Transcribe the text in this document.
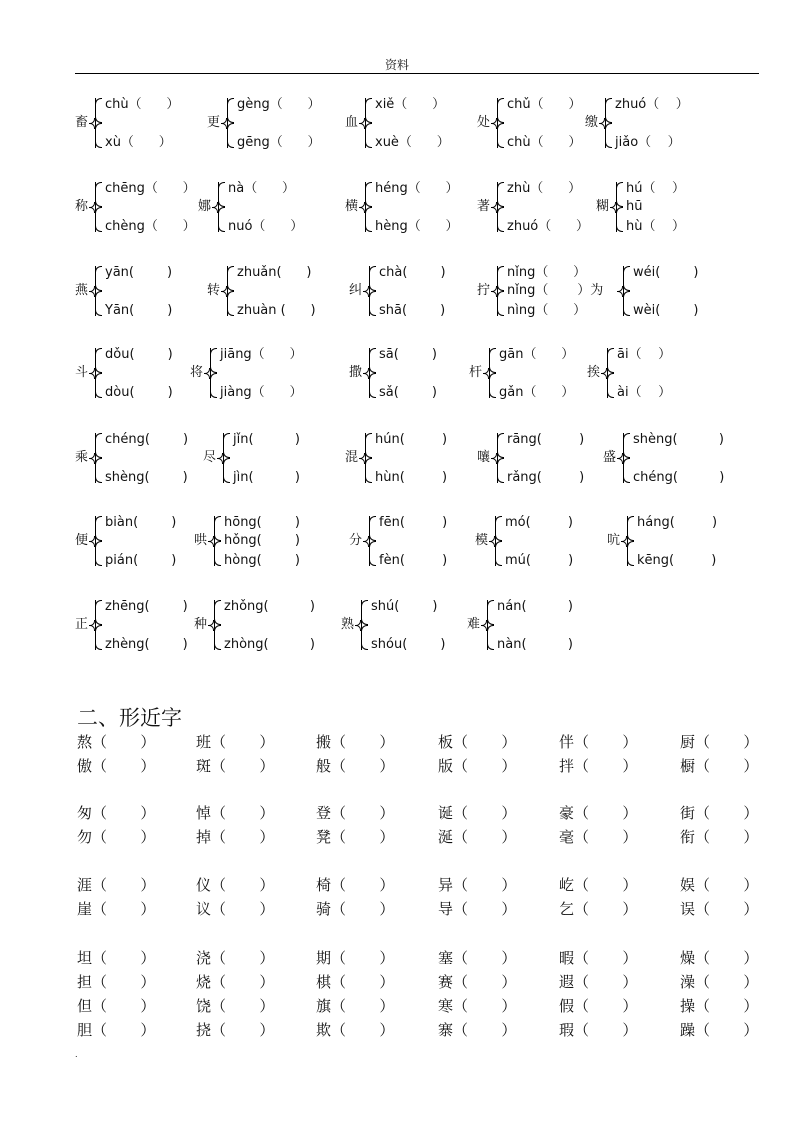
资料
畜
chù（      ）
xù（      ）
更
gèng（      ）
gēng（      ）
血
xiě（      ）
xuè（      ）
处
chǔ（      ）
chù（      ）
缴
zhuó（    ）
jiǎo（    ）
称
chēng（      ）
chèng（      ）
娜
nà（      ）
nuó（      ）
横
héng（      ）
hèng（      ）
著
zhù（      ）
zhuó（      ）
糊
hú（    ）
hū
hù（    ）
燕
yān(        )
Yān(        )
转
zhuǎn(      )
zhuàn (      )
纠
chà(        )
shā(        )
拧
nǐng（      ）
nǐng（       ）为
nìng（      ）
wéi(        )
wèi(        )
斗
dǒu(        )
dòu(        )
将
jiāng（      ）
jiàng（      ）
撒
sā(        )
sǎ(        )
杆
gān（      ）
gǎn（      ）
挨
āi（    ）
ài（    ）
乘
chéng(        )
shèng(        )
尽
jǐn(          )
jìn(          )
混
hún(         )
hùn(         )
嚷
rāng(         )
rǎng(         )
盛
shèng(          )
chéng(          )
便
biàn(        )
pián(        )
哄
hōng(        )
hǒng(        )
hòng(        )
分
fēn(         )
fèn(         )
模
mó(         )
mú(         )
吭
háng(         )
kēng(         )
正
zhēng(        )
zhèng(        )
种
zhǒng(          )
zhòng(          )
熟
shú(        )
shóu(        )
难
nán(          )
nàn(          )
二、形近字
熬（       ）
傲（       ）
班（       ）
斑（       ）
搬（       ）
般（       ）
板（       ）
版（       ）
伴（       ）
拌（       ）
厨（       ）
橱（       ）
匆（       ）
勿（       ）
悼（       ）
掉（       ）
登（       ）
凳（       ）
诞（       ）
涎（       ）
豪（       ）
毫（       ）
街（       ）
衔（       ）
涯（       ）
崖（       ）
仪（       ）
议（       ）
椅（       ）
骑（       ）
异（       ）
导（       ）
屹（       ）
乞（       ）
娱（       ）
误（       ）
坦（       ）
担（       ）
但（       ）
胆（       ）
浇（       ）
烧（       ）
饶（       ）
挠（       ）
期（       ）
棋（       ）
旗（       ）
欺（       ）
塞（       ）
赛（       ）
寒（       ）
寨（       ）
暇（       ）
遐（       ）
假（       ）
瑕（       ）
燥（       ）
澡（       ）
操（       ）
躁（       ）
.
